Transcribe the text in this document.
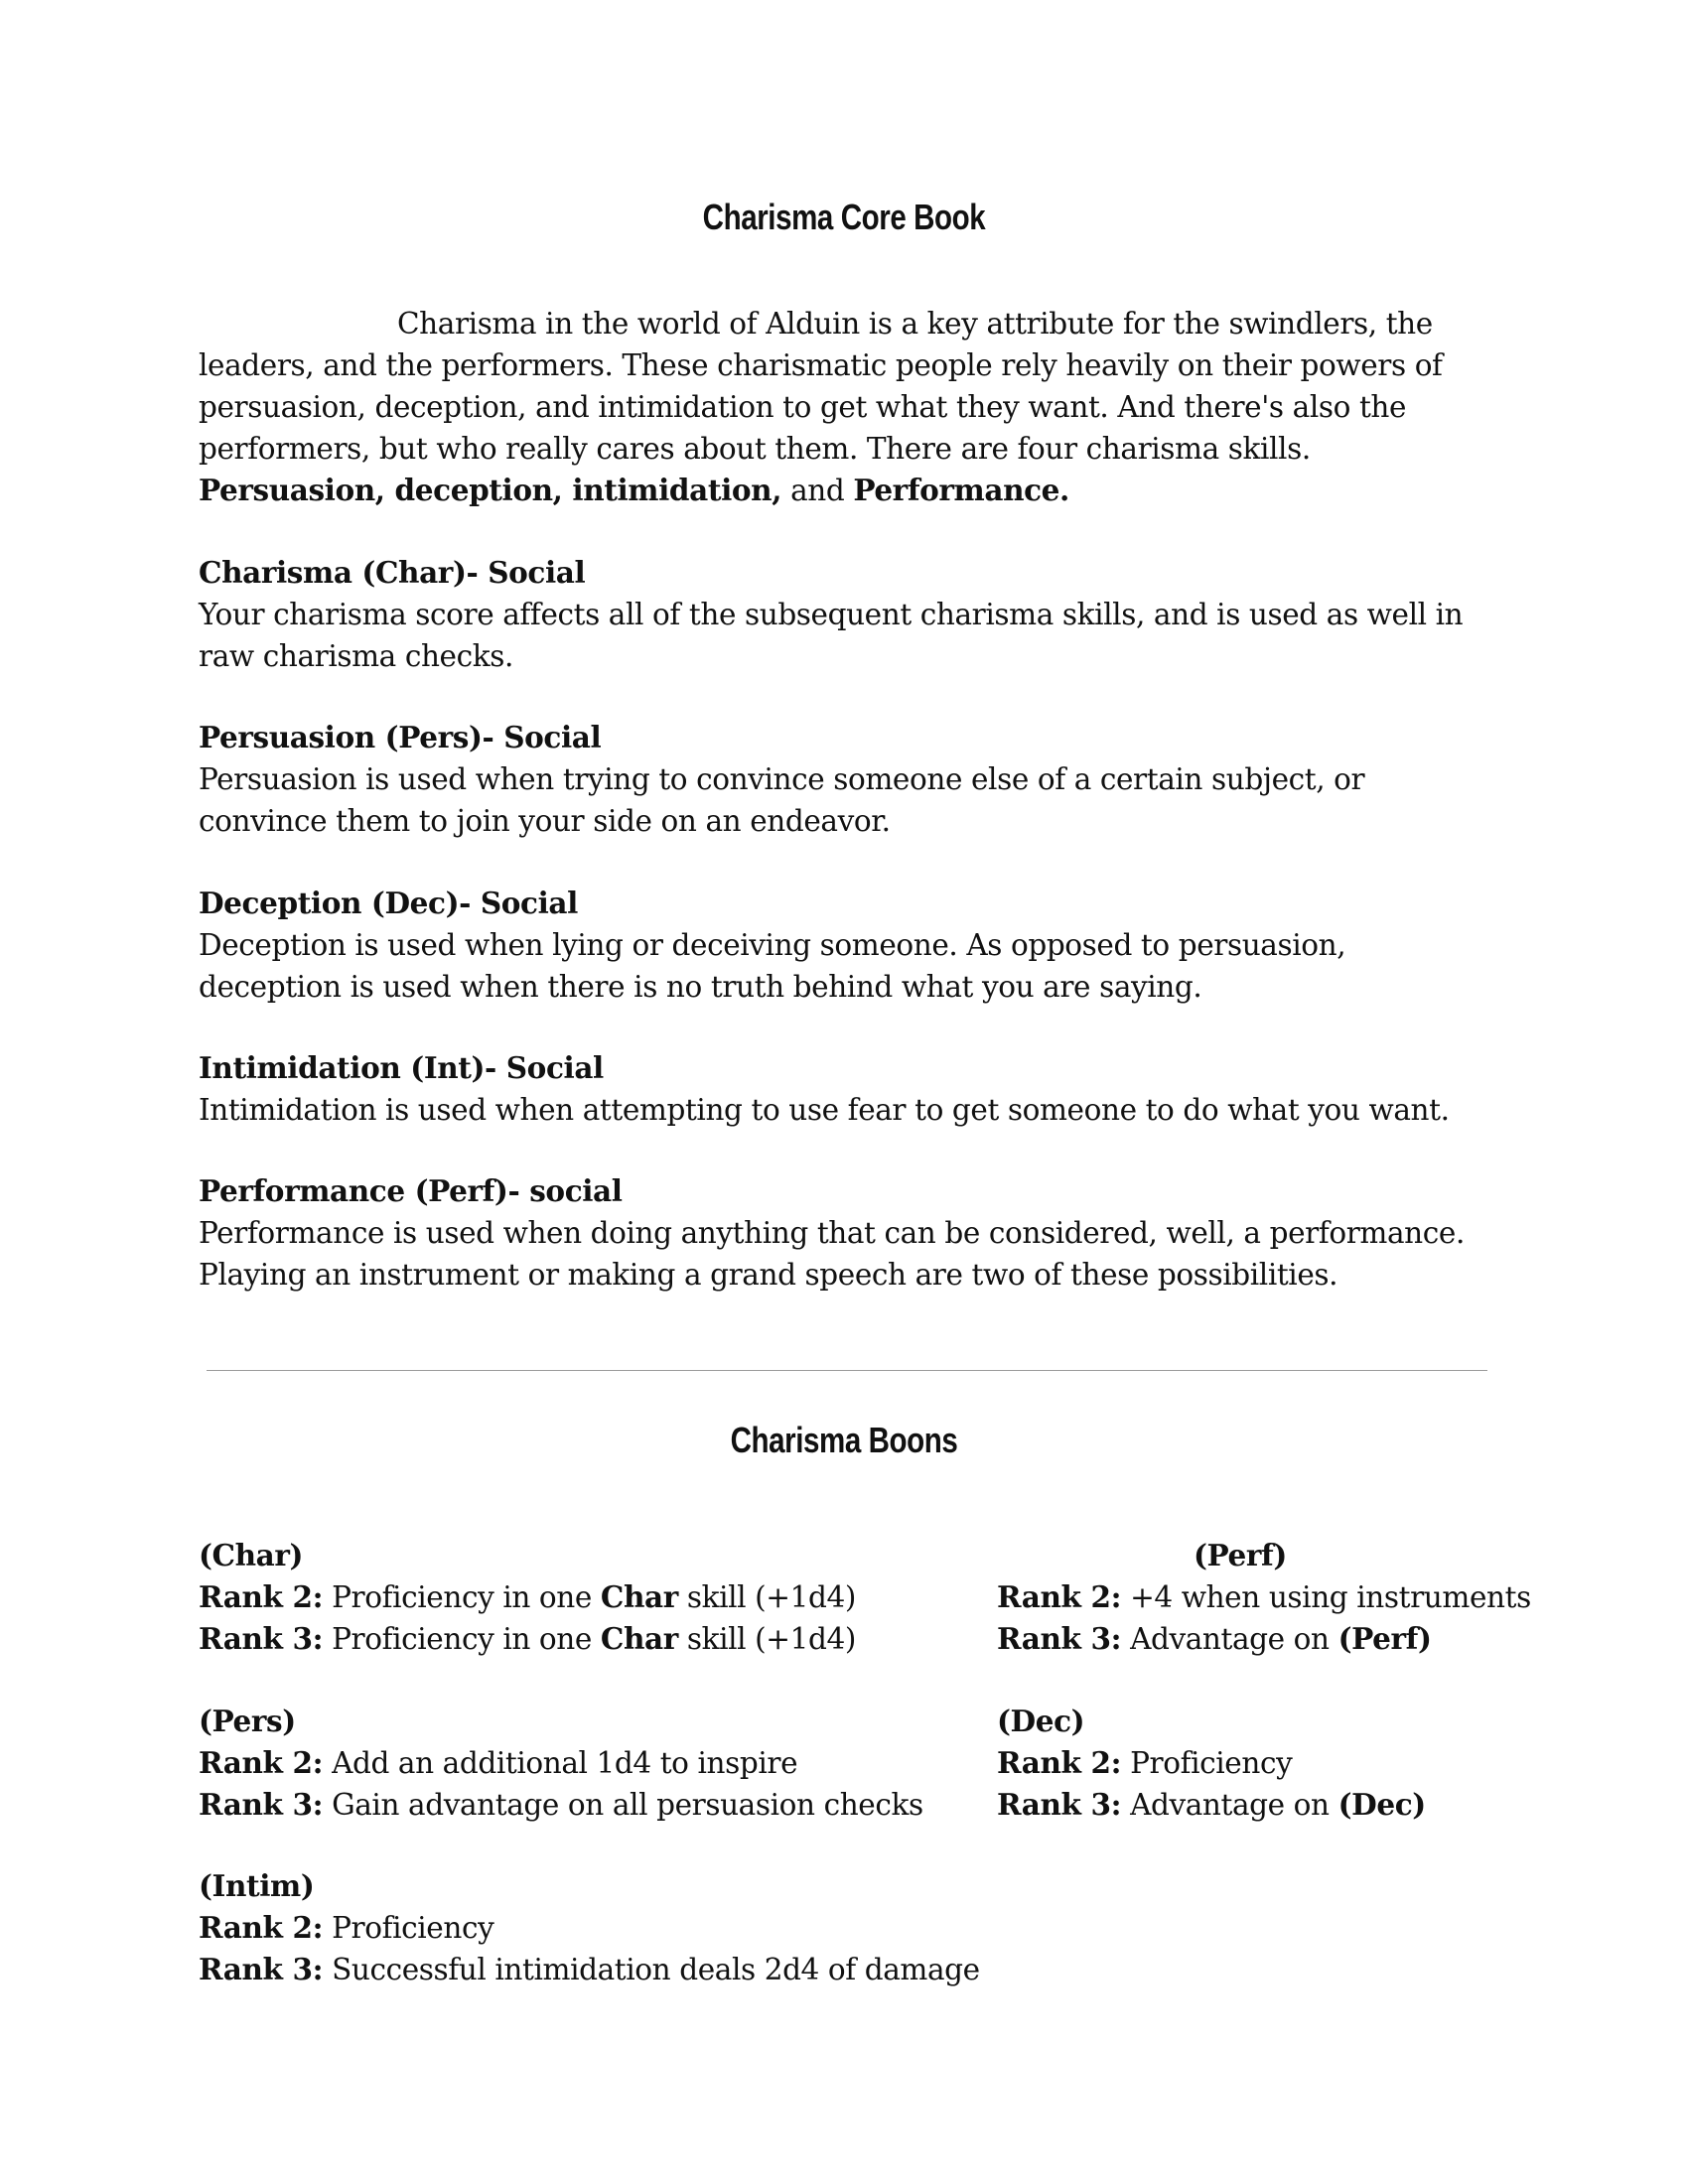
Charisma Core Book

Charisma in the world of Alduin is a key attribute for the swindlers, the leaders, and the performers. These charismatic people rely heavily on their powers of persuasion, deception, and intimidation to get what they want. And there's also the performers, but who really cares about them. There are four charisma skills. Persuasion, deception, intimidation, and Performance.

Charisma (Char)- Social
Your charisma score affects all of the subsequent charisma skills, and is used as well in raw charisma checks.
Persuasion (Pers)- Social
Persuasion is used when trying to convince someone else of a certain subject, or convince them to join your side on an endeavor.
Deception (Dec)- Social
Deception is used when lying or deceiving someone. As opposed to persuasion, deception is used when there is no truth behind what you are saying.
Intimidation (Int)- Social
Intimidation is used when attempting to use fear to get someone to do what you want.
Performance (Perf)- social
Performance is used when doing anything that can be considered, well, a performance. Playing an instrument or making a grand speech are two of these possibilities.
Charisma Boons
(Char)
Rank 2: Proficiency in one Char skill (+1d4)
Rank 3: Proficiency in one Char skill (+1d4)
(Pers)
Rank 2: Add an additional 1d4 to inspire
Rank 3: Gain advantage on all persuasion checks
(Intim)
Rank 2: Proficiency
Rank 3: Successful intimidation deals 2d4 of damage
(Perf)
Rank 2: +4 when using instruments
Rank 3: Advantage on (Perf)
(Dec)
Rank 2: Proficiency
Rank 3: Advantage on (Dec)
